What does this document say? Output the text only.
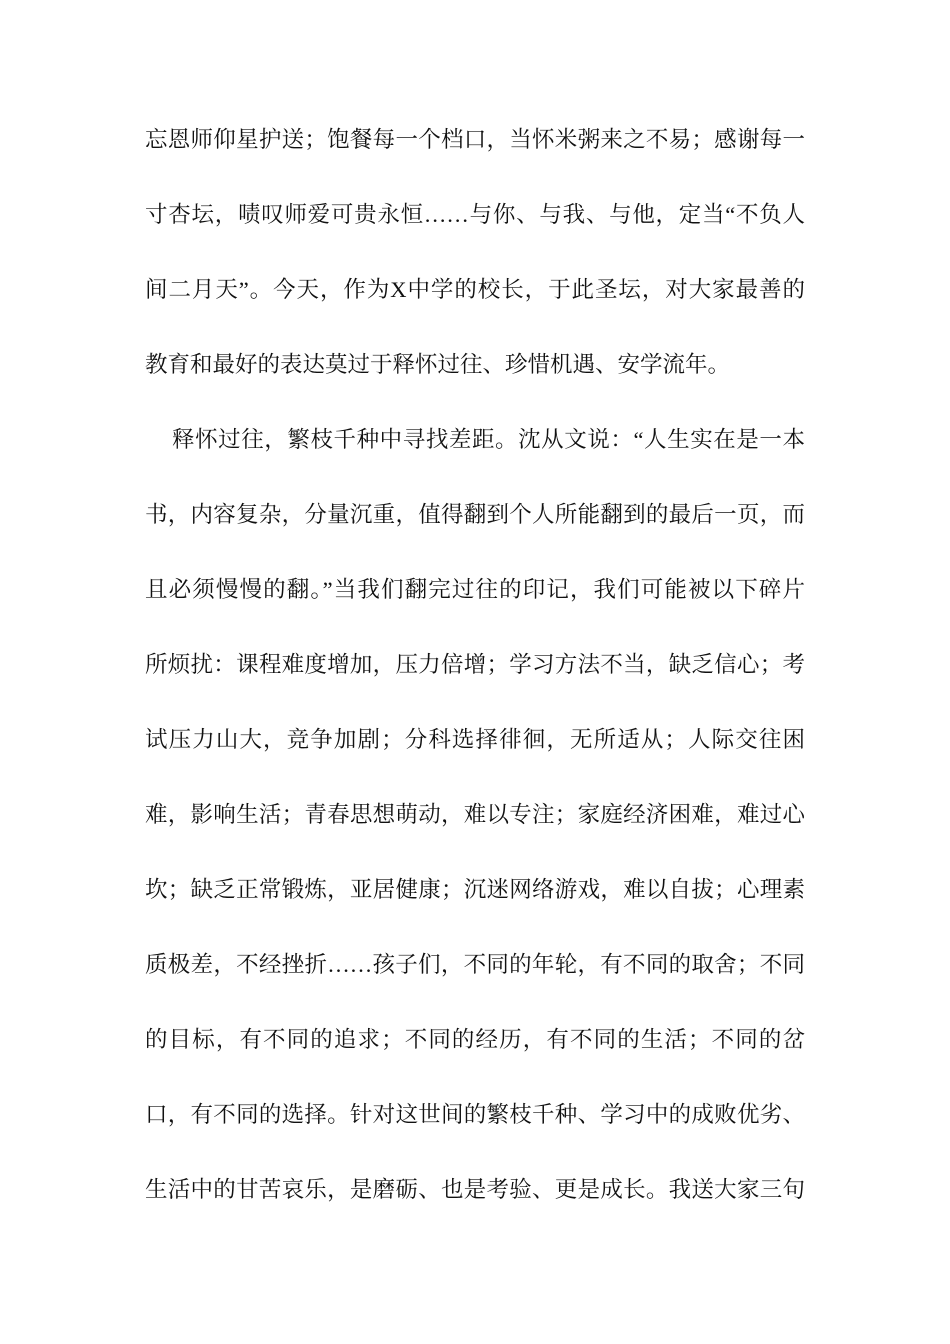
忘恩师仰星护送；饱餐每一个档口，当怀米粥来之不易；感谢每一
寸杏坛，啧叹师爱可贵永恒……与你、与我、与他，定当“不负人
间二月天”。今天，作为X中学的校长，于此圣坛，对大家最善的
教育和最好的表达莫过于释怀过往、珍惜机遇、安学流年。
释怀过往，繁枝千种中寻找差距。沈从文说：“人生实在是一本
书，内容复杂，分量沉重，值得翻到个人所能翻到的最后一页，而
且必须慢慢的翻。”当我们翻完过往的印记，我们可能被以下碎片
所烦扰：课程难度增加，压力倍增；学习方法不当，缺乏信心；考
试压力山大，竞争加剧；分科选择徘徊，无所适从；人际交往困
难，影响生活；青春思想萌动，难以专注；家庭经济困难，难过心
坎；缺乏正常锻炼，亚居健康；沉迷网络游戏，难以自拔；心理素
质极差，不经挫折……孩子们，不同的年轮，有不同的取舍；不同
的目标，有不同的追求；不同的经历，有不同的生活；不同的岔
口，有不同的选择。针对这世间的繁枝千种、学习中的成败优劣、
生活中的甘苦哀乐，是磨砺、也是考验、更是成长。我送大家三句
